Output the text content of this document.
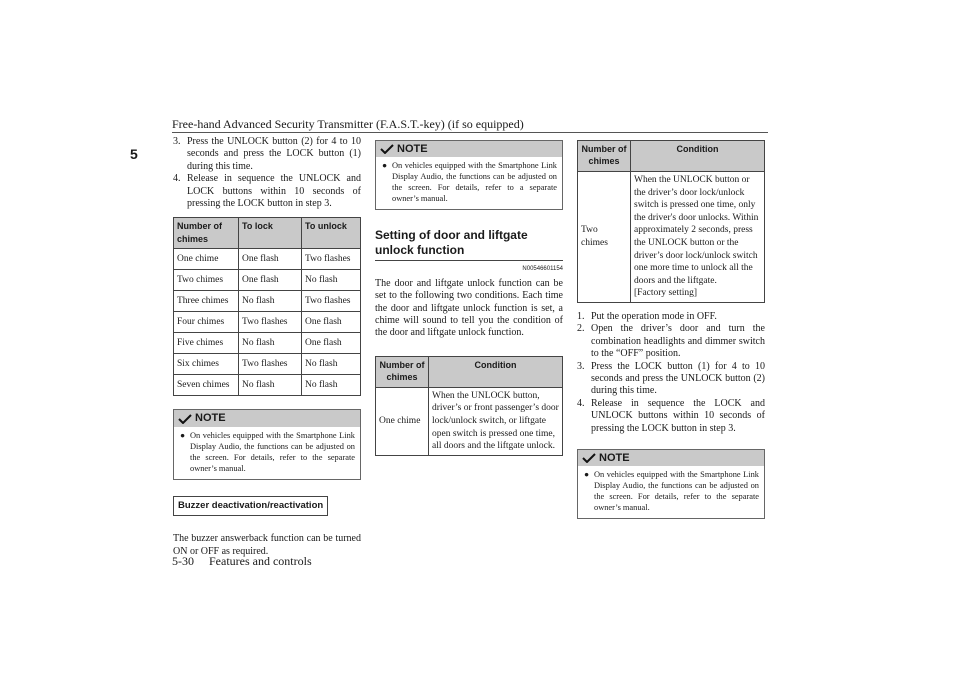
Free-hand Advanced Security Transmitter (F.A.S.T.-key) (if so equipped)
5
3. Press the UNLOCK button (2) for 4 to 10 seconds and press the LOCK button (1) during this time.
4. Release in sequence the UNLOCK and LOCK buttons within 10 seconds of pressing the LOCK button in step 3.
Number of chimes	To lock	To unlock
One chime	One flash	Two flashes
Two chimes	One flash	No flash
Three chimes	No flash	Two flashes
Four chimes	Two flashes	One flash
Five chimes	No flash	One flash
Six chimes	Two flashes	No flash
Seven chimes	No flash	No flash
NOTE
● On vehicles equipped with the Smartphone Link Display Audio, the functions can be adjusted on the screen. For details, refer to the separate owner’s manual.
Buzzer deactivation/reactivation

The buzzer answerback function can be turned ON or OFF as required.

NOTE
● On vehicles equipped with the Smartphone Link Display Audio, the functions can be adjusted on the screen. For details, refer to a separate owner’s manual.
Setting of door and liftgate unlock function
N00546601154

The door and liftgate unlock function can be set to the following two conditions. Each time the door and liftgate unlock function is set, a chime will sound to tell you the condition of the door and liftgate unlock function.

Number of chimes	Condition
One chime	When the UNLOCK button, driver’s or front passenger’s door lock/unlock switch, or liftgate open switch is pressed one time, all doors and the liftgate unlock.
Number of chimes	Condition
Two chimes	When the UNLOCK button or the driver’s door lock/unlock switch is pressed one time, only the driver's door unlocks. Within approximately 2 seconds, press the UNLOCK button or the driver’s door lock/unlock switch one more time to unlock all the doors and the liftgate.
[Factory setting]
1. Put the operation mode in OFF.
2. Open the driver’s door and turn the combination headlights and dimmer switch to the “OFF” position.
3. Press the LOCK button (1) for 4 to 10 seconds and press the UNLOCK button (2) during this time.
4. Release in sequence the LOCK and UNLOCK buttons within 10 seconds of pressing the LOCK button in step 3.
NOTE
● On vehicles equipped with the Smartphone Link Display Audio, the functions can be adjusted on the screen. For details, refer to the separate owner’s manual.
5-30 Features and controls
